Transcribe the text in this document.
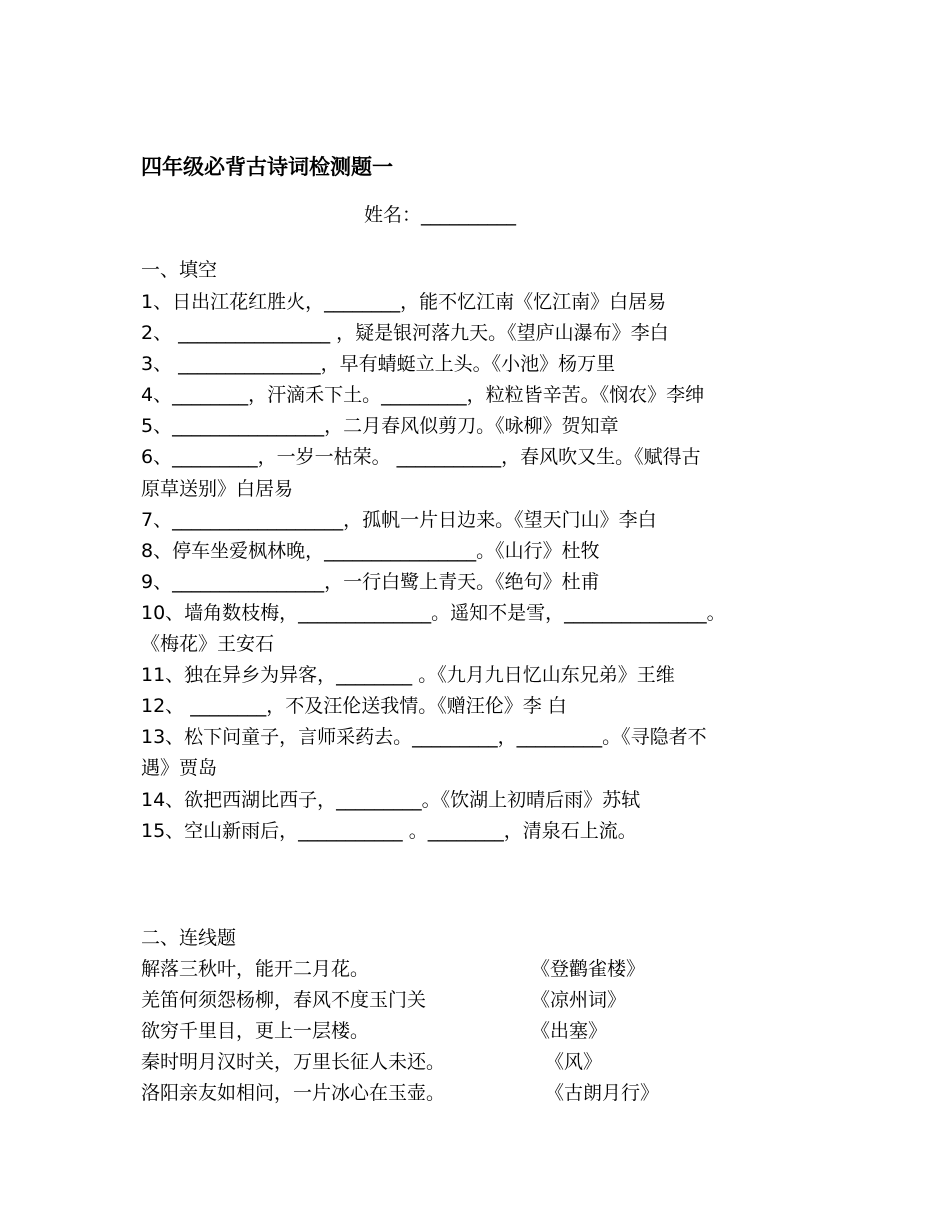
四年级必背古诗词检测题一
姓名：__________
一、填空
1、日出江花红胜火，________，能不忆江南《忆江南》白居易
2、 ________________ ，疑是银河落九天。《望庐山瀑布》李白
3、 _______________，早有蜻蜓立上头。《小池》杨万里
4、________，汗滴禾下土。_________，粒粒皆辛苦。《悯农》李绅
5、________________，二月春风似剪刀。《咏柳》贺知章
6、_________，一岁一枯荣。 ___________，春风吹又生。《赋得古
原草送别》白居易
7、__________________，孤帆一片日边来。《望天门山》李白
8、停车坐爱枫林晚，________________。《山行》杜牧
9、________________，一行白鹭上青天。《绝句》杜甫
10、墙角数枝梅，______________。遥知不是雪，_______________。
《梅花》王安石
11、独在异乡为异客，________ 。《九月九日忆山东兄弟》王维
12、 ________，不及汪伦送我情。《赠汪伦》李 白
13、松下问童子，言师采药去。_________，_________。《寻隐者不
遇》贾岛
14、欲把西湖比西子，_________。《饮湖上初晴后雨》苏轼
15、空山新雨后，___________ 。________，清泉石上流。
二、连线题
解落三秋叶，能开二月花。	《登鹳雀楼》
羌笛何须怨杨柳，春风不度玉门关	《凉州词》
欲穷千里目，更上一层楼。	《出塞》
秦时明月汉时关，万里长征人未还。	《风》
洛阳亲友如相问，一片冰心在玉壶。	《古朗月行》
